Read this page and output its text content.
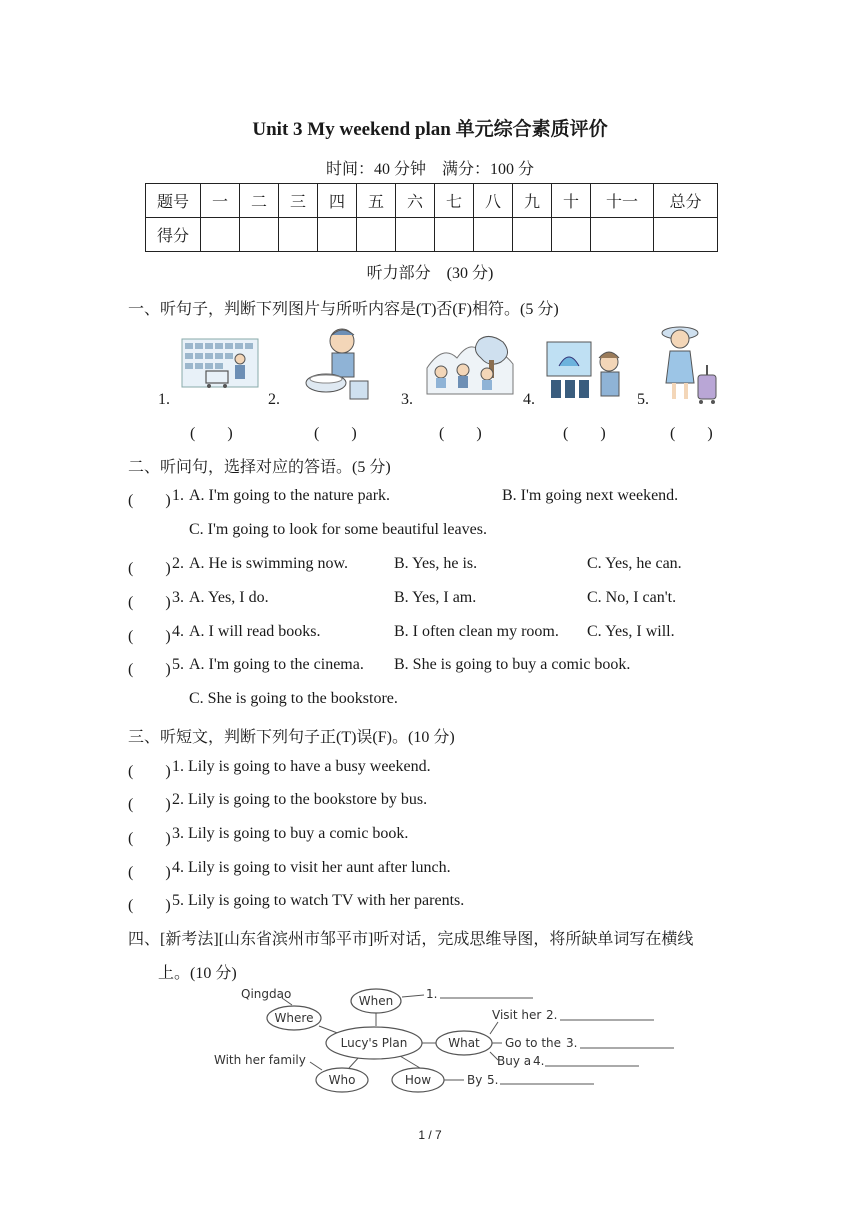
Unit 3 My weekend plan 单元综合素质评价
时间：40 分钟　满分：100 分
题号	一	二	三	四	五	六	七	八	九	十	十一	总分
得分												
听力部分　(30 分)
一、听句子，判断下列图片与所听内容是(T)否(F)相符。(5 分)
1.
(　　)
2.
(　　)
3.
(　　)
4.
(　　)
5.
(　　)
二、听问句，选择对应的答语。(5 分)
(　　) 1. A. I'm going to the nature park.	B. I'm going next weekend.
C. I'm going to look for some beautiful leaves.
(　　) 2. A. He is swimming now.	B. Yes, he is.	C. Yes, he can.
(　　) 3. A. Yes, I do.	B. Yes, I am.	C. No, I can't.
(　　) 4. A. I will read books.	B. I often clean my room. C. Yes, I will.
(　　) 5. A. I'm going to the cinema. B. She is going to buy a comic book.
C. She is going to the bookstore.
三、听短文，判断下列句子正(T)误(F)。(10 分)
(　　) 1. Lily is going to have a busy weekend.
(　　) 2. Lily is going to the bookstore by bus.
(　　) 3. Lily is going to buy a comic book.
(　　) 4. Lily is going to visit her aunt after lunch.
(　　) 5. Lily is going to watch TV with her parents.
四、[新考法][山东省滨州市邹平市]听对话，完成思维导图，将所缺单词写在横线
上。(10 分)
When
Where
Lucy's Plan	What
Who	How
Qingdao
With her family
1.
Visit her 2.
Go to the 3.
Buy a 4.
By 5.
1 / 7
